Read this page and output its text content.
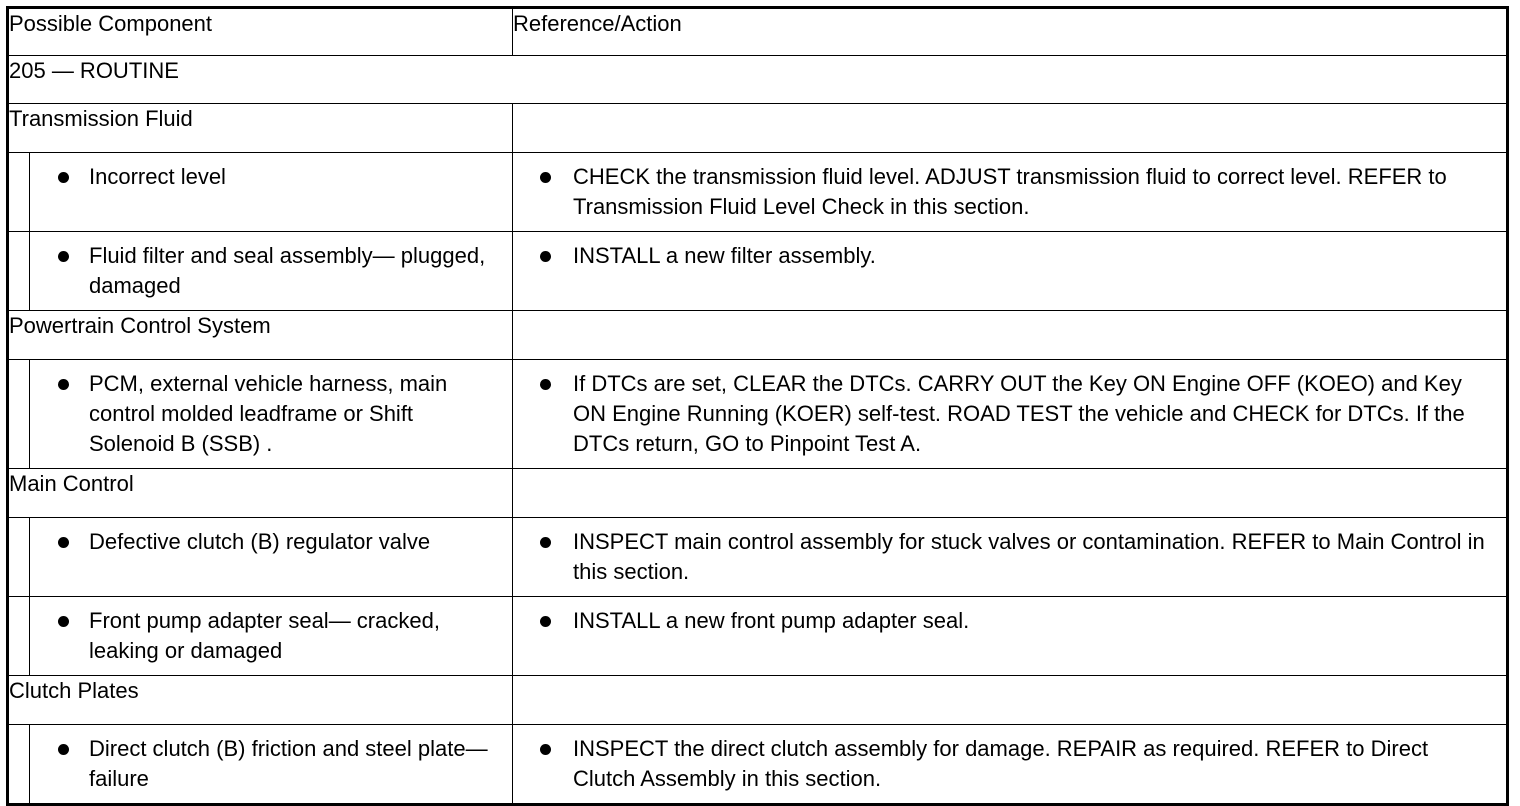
Possible Component	Reference/Action
205 — ROUTINE	
Transmission Fluid	

Incorrect level	CHECK the transmission fluid level. ADJUST transmission fluid to correct level. REFER to Transmission Fluid Level Check in this section.

Fluid filter and seal assembly— plugged, damaged	INSTALL a new filter assembly.

Powertrain Control System	

PCM, external vehicle harness, main control molded leadframe or Shift Solenoid B (SSB) .	If DTCs are set, CLEAR the DTCs. CARRY OUT the Key ON Engine OFF (KOEO) and Key ON Engine Running (KOER) self-test. ROAD TEST the vehicle and CHECK for DTCs. If the DTCs return, GO to Pinpoint Test A.

Main Control	

Defective clutch (B) regulator valve	INSPECT main control assembly for stuck valves or contamination. REFER to Main Control in this section.

Front pump adapter seal— cracked, leaking or damaged	INSTALL a new front pump adapter seal.

Clutch Plates	

Direct clutch (B) friction and steel plate— failure	INSPECT the direct clutch assembly for damage. REPAIR as required. REFER to Direct Clutch Assembly in this section.
